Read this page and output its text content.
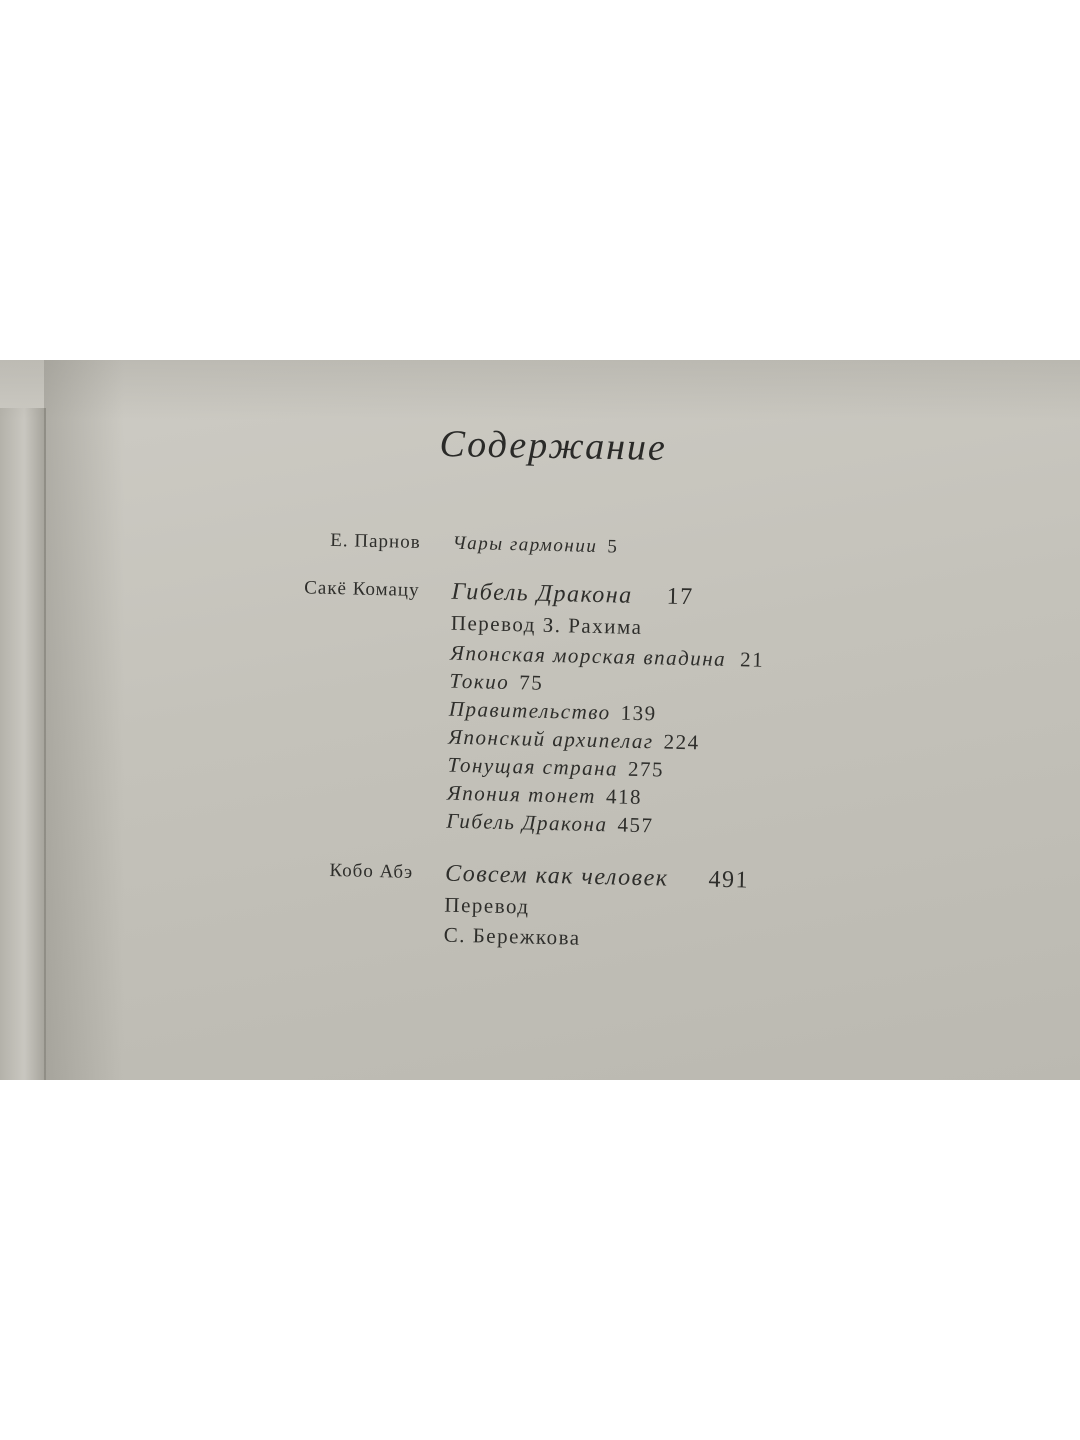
Содержание
Е. Парнов Чары гармонии 5
Сакё Комацу Гибель Дракона 17
Перевод З. Рахима
Японская морская впадина 21
Токио 75
Правительство 139
Японский архипелаг 224
Тонущая страна 275
Япония тонет 418
Гибель Дракона 457
Кобо Абэ Совсем как человек 491
Перевод
С. Бережкова
